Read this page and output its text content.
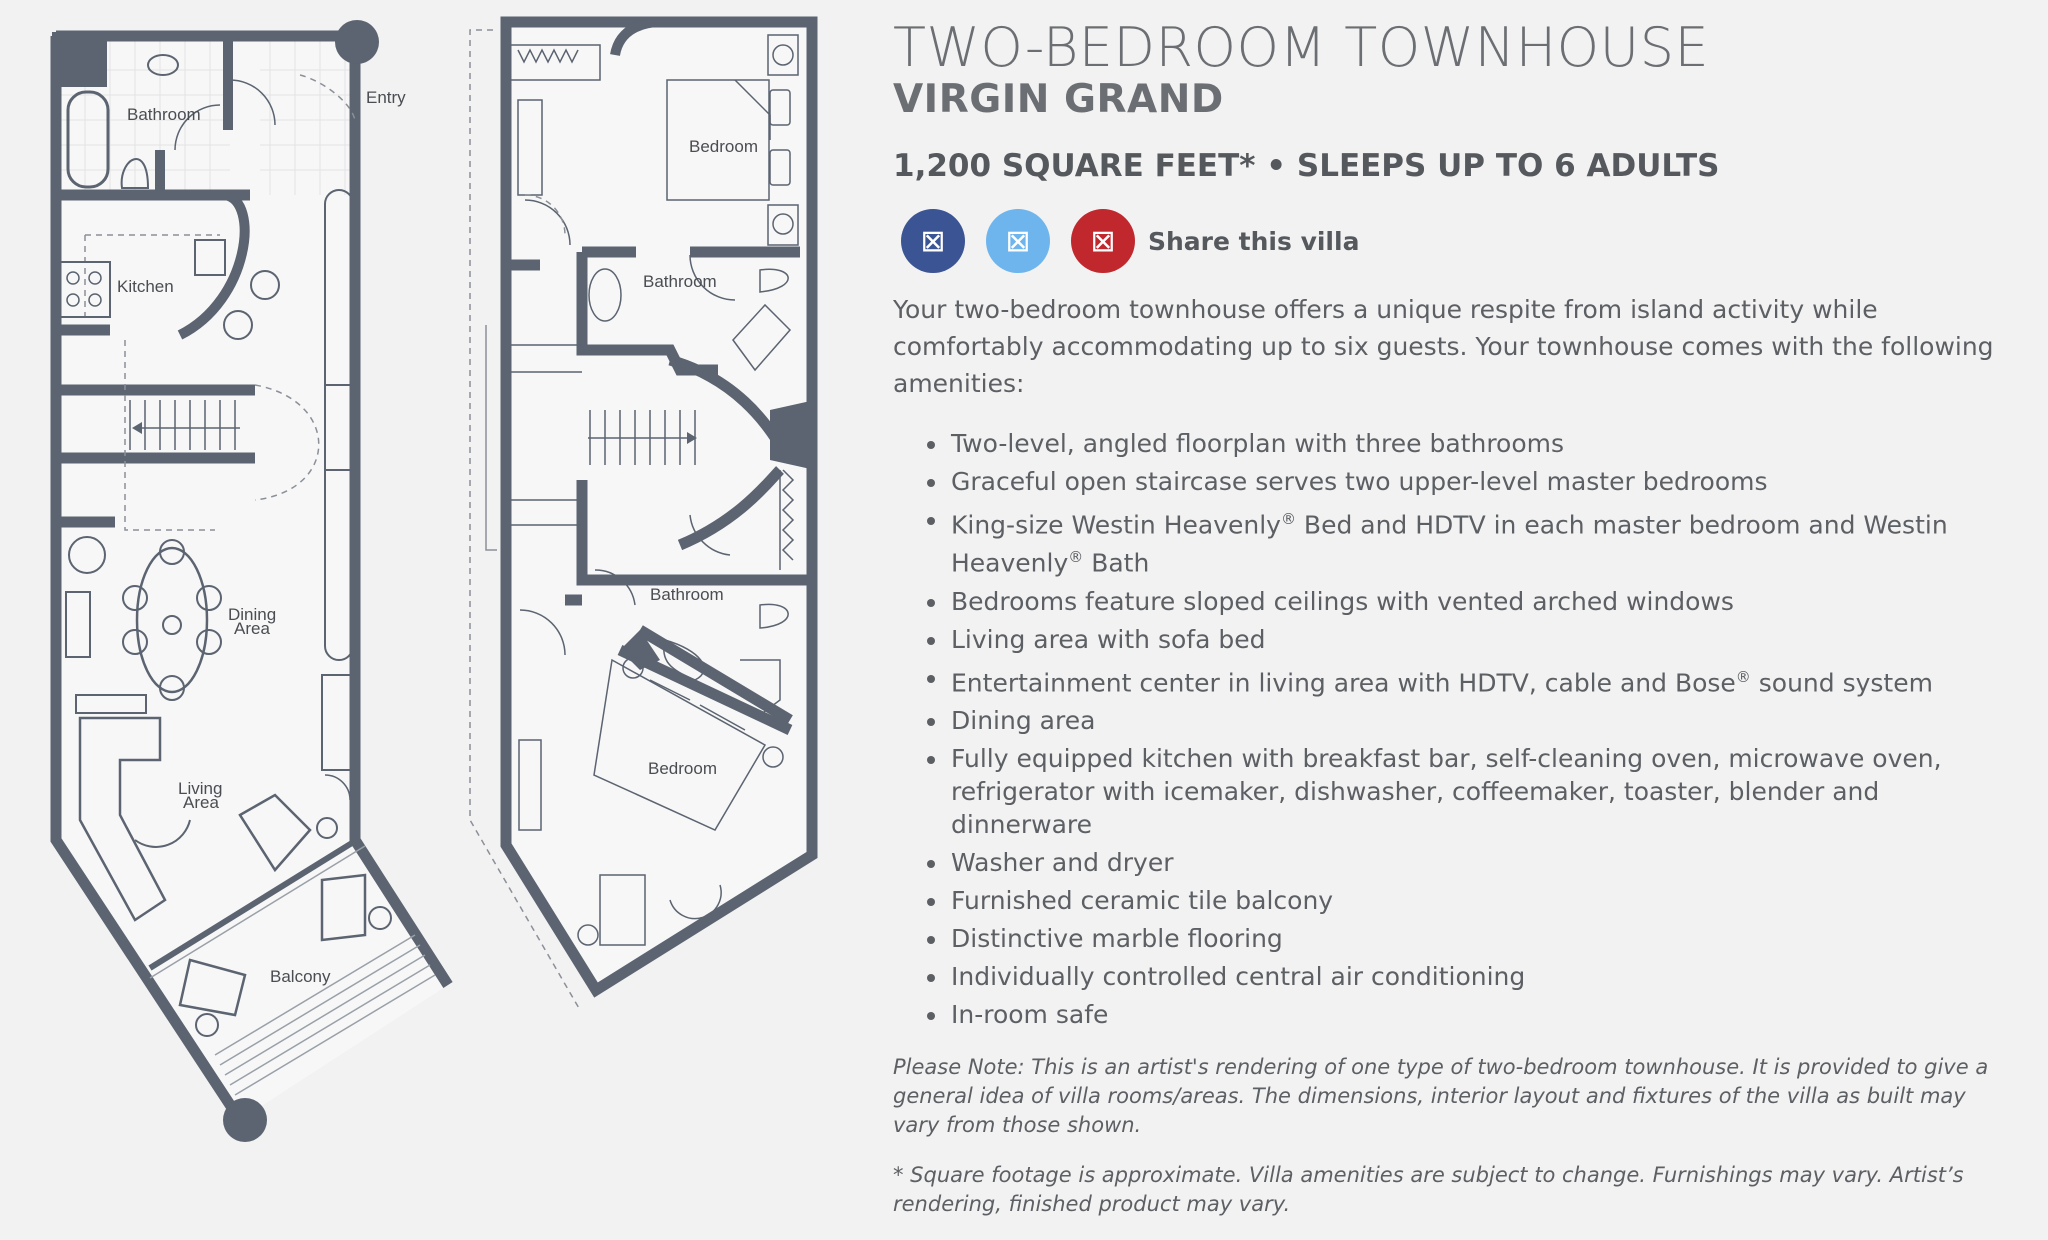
Bathroom
Entry
Kitchen
Dining
Area
Living
Area
Balcony
Bedroom
Bathroom
Bathroom
Bedroom
TWO-BEDROOM TOWNHOUSE
VIRGIN GRAND
1,200 SQUARE FEET* • SLEEPS UP TO 6 ADULTS
⊠ ⊠ ⊠ Share this villa

Your two-bedroom townhouse offers a unique respite from island activity while comfortably accommodating up to six guests. Your townhouse comes with the following amenities:

Two-level, angled floorplan with three bathrooms
Graceful open staircase serves two upper-level master bedrooms
King-size Westin Heavenly® Bed and HDTV in each master bedroom and Westin Heavenly® Bath
Bedrooms feature sloped ceilings with vented arched windows
Living area with sofa bed
Entertainment center in living area with HDTV, cable and Bose® sound system
Dining area
Fully equipped kitchen with breakfast bar, self-cleaning oven, microwave oven, refrigerator with icemaker, dishwasher, coffeemaker, toaster, blender and dinnerware
Washer and dryer
Furnished ceramic tile balcony
Distinctive marble flooring
Individually controlled central air conditioning
In-room safe

Please Note: This is an artist's rendering of one type of two-bedroom townhouse. It is provided to give a general idea of villa rooms/areas. The dimensions, interior layout and fixtures of the villa as built may vary from those shown.

* Square footage is approximate. Villa amenities are subject to change. Furnishings may vary. Artist’s rendering, finished product may vary.
